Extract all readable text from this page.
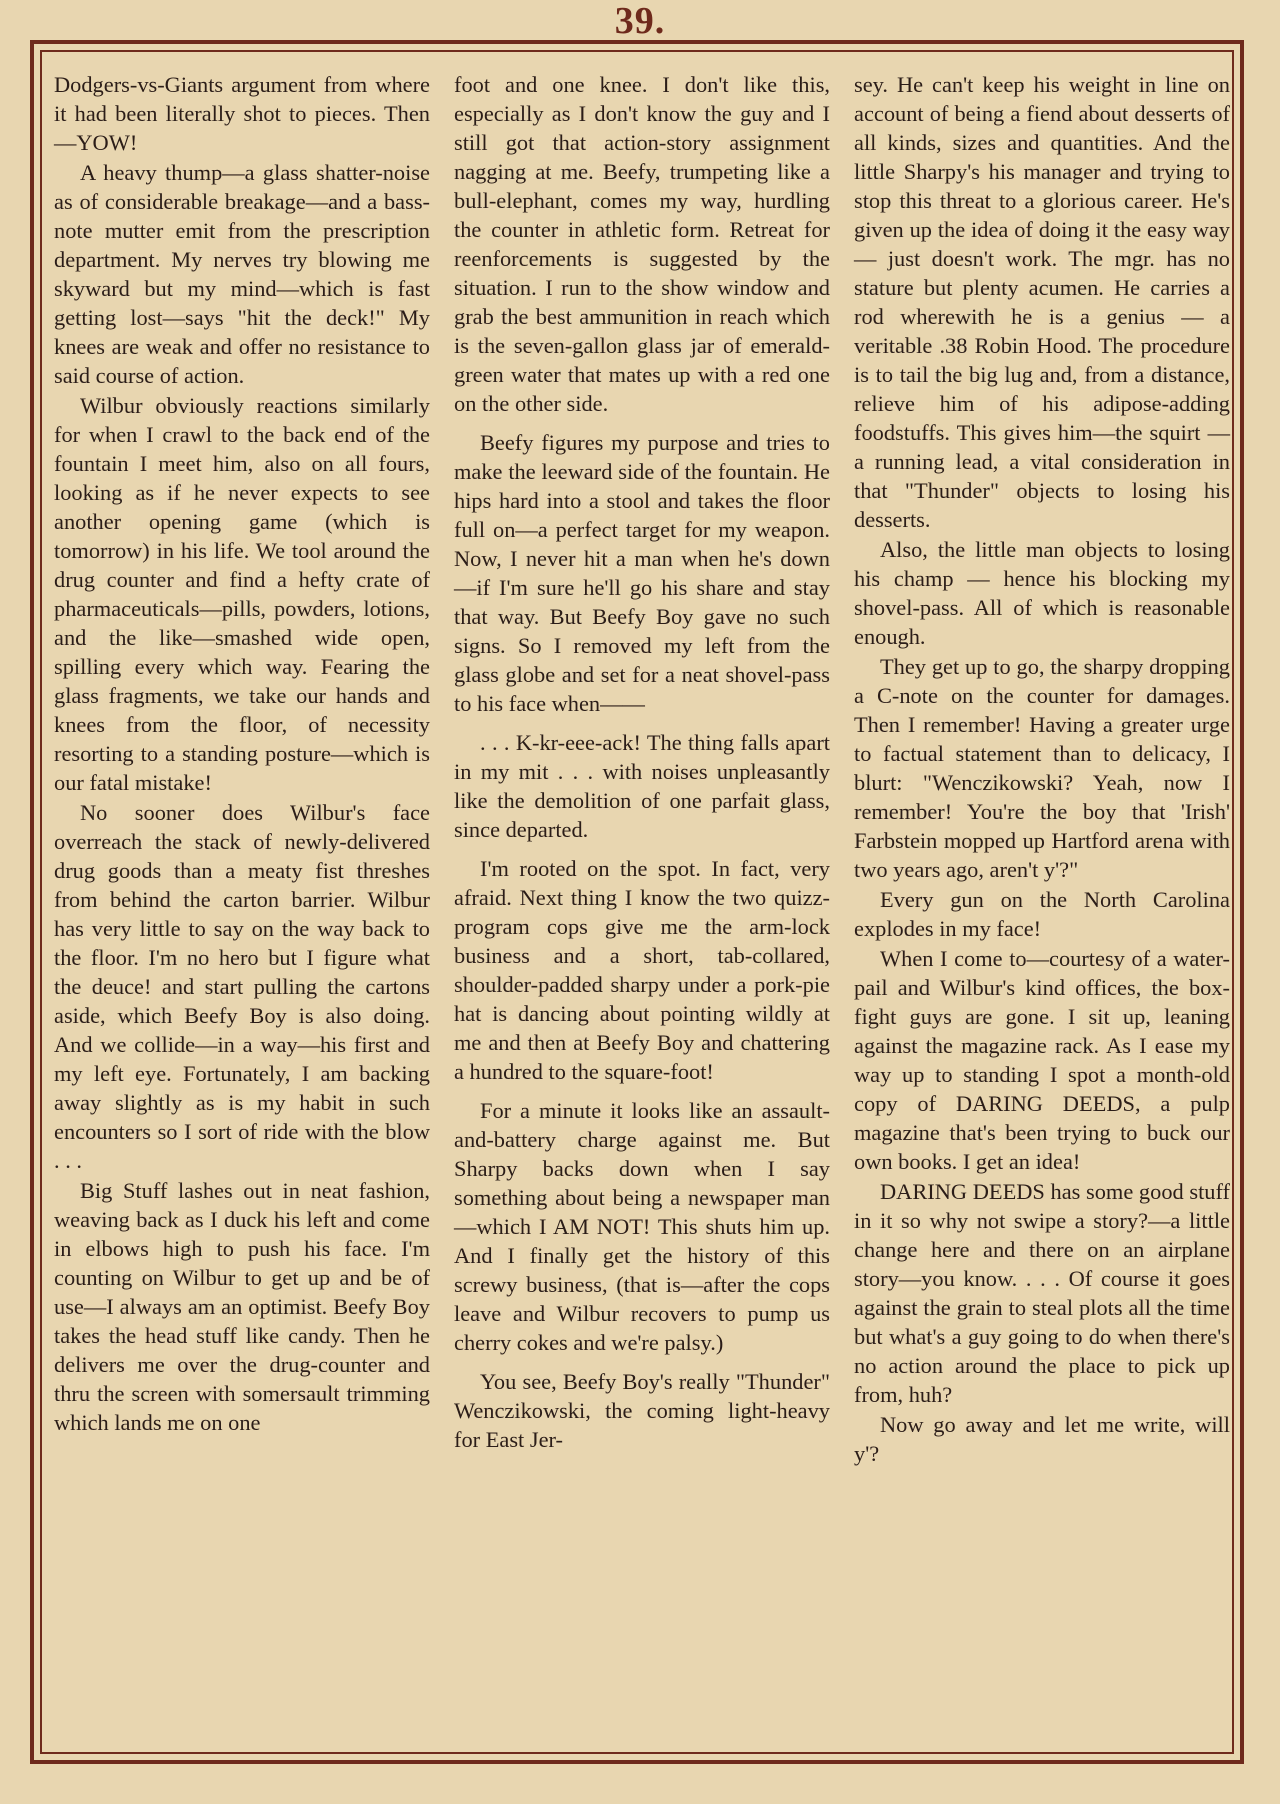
39.

Dodgers-vs-Giants argument from where it had been literally shot to pieces. Then—YOW!

A heavy thump—a glass shatter-noise as of considerable breakage—and a bass-note mutter emit from the prescription department. My nerves try blowing me skyward but my mind—which is fast getting lost—says "hit the deck!" My knees are weak and offer no resistance to said course of action.

Wilbur obviously reactions similarly for when I crawl to the back end of the fountain I meet him, also on all fours, looking as if he never expects to see another opening game (which is tomorrow) in his life. We tool around the drug counter and find a hefty crate of pharmaceuticals—pills, powders, lotions, and the like—smashed wide open, spilling every which way. Fearing the glass fragments, we take our hands and knees from the floor, of necessity resorting to a standing posture—which is our fatal mistake!

No sooner does Wilbur's face overreach the stack of newly-delivered drug goods than a meaty fist threshes from behind the carton barrier. Wilbur has very little to say on the way back to the floor. I'm no hero but I figure what the deuce! and start pulling the cartons aside, which Beefy Boy is also doing. And we collide—in a way—his first and my left eye. Fortunately, I am backing away slightly as is my habit in such encounters so I sort of ride with the blow . . .

Big Stuff lashes out in neat fashion, weaving back as I duck his left and come in elbows high to push his face. I'm counting on Wilbur to get up and be of use—I always am an optimist. Beefy Boy takes the head stuff like candy. Then he delivers me over the drug-counter and thru the screen with somersault trimming which lands me on one

foot and one knee. I don't like this, especially as I don't know the guy and I still got that action-story assignment nagging at me. Beefy, trumpeting like a bull-elephant, comes my way, hurdling the counter in athletic form. Retreat for reenforcements is suggested by the situation. I run to the show window and grab the best ammunition in reach which is the seven-gallon glass jar of emerald-green water that mates up with a red one on the other side.

Beefy figures my purpose and tries to make the leeward side of the fountain. He hips hard into a stool and takes the floor full on—a perfect target for my weapon. Now, I never hit a man when he's down—if I'm sure he'll go his share and stay that way. But Beefy Boy gave no such signs. So I removed my left from the glass globe and set for a neat shovel-pass to his face when——

. . . K-kr-eee-ack! The thing falls apart in my mit . . . with noises unpleasantly like the demolition of one parfait glass, since departed.

I'm rooted on the spot. In fact, very afraid. Next thing I know the two quizz-program cops give me the arm-lock business and a short, tab-collared, shoulder-padded sharpy under a pork-pie hat is dancing about pointing wildly at me and then at Beefy Boy and chattering a hundred to the square-foot!

For a minute it looks like an assault-and-battery charge against me. But Sharpy backs down when I say something about being a newspaper man—which I AM NOT! This shuts him up. And I finally get the history of this screwy business, (that is—after the cops leave and Wilbur recovers to pump us cherry cokes and we're palsy.)

You see, Beefy Boy's really "Thunder" Wenczikowski, the coming light-heavy for East Jer-

sey. He can't keep his weight in line on account of being a fiend about desserts of all kinds, sizes and quantities. And the little Sharpy's his manager and trying to stop this threat to a glorious career. He's given up the idea of doing it the easy way — just doesn't work. The mgr. has no stature but plenty acumen. He carries a rod wherewith he is a genius — a veritable .38 Robin Hood. The procedure is to tail the big lug and, from a distance, relieve him of his adipose-adding foodstuffs. This gives him—the squirt — a running lead, a vital consideration in that "Thunder" objects to losing his desserts.

Also, the little man objects to losing his champ — hence his blocking my shovel-pass. All of which is reasonable enough.

They get up to go, the sharpy dropping a C-note on the counter for damages. Then I remember! Having a greater urge to factual statement than to delicacy, I blurt: "Wenczikowski? Yeah, now I remember! You're the boy that 'Irish' Farbstein mopped up Hartford arena with two years ago, aren't y'?"

Every gun on the North Carolina explodes in my face!

When I come to—courtesy of a water-pail and Wilbur's kind offices, the box-fight guys are gone. I sit up, leaning against the magazine rack. As I ease my way up to standing I spot a month-old copy of DARING DEEDS, a pulp magazine that's been trying to buck our own books. I get an idea!

DARING DEEDS has some good stuff in it so why not swipe a story?—a little change here and there on an airplane story—you know. . . . Of course it goes against the grain to steal plots all the time but what's a guy going to do when there's no action around the place to pick up from, huh?

Now go away and let me write, will y'?
